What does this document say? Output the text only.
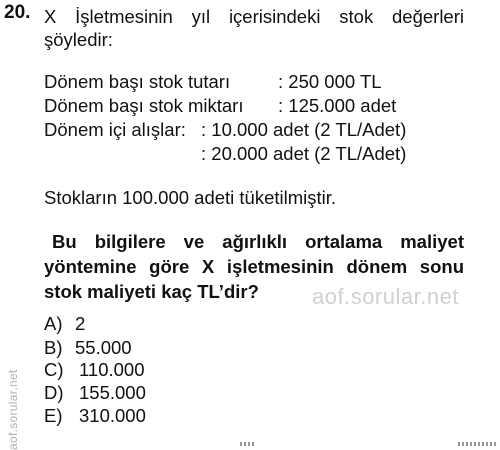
20. X İşletmesinin yıl içerisindeki stok değerleri
şöyledir:
Dönem başı stok tutarı	: 250 000 TL
Dönem başı stok miktarı : 125.000 adet
Dönem içi alışlar: : 10.000 adet (2 TL/Adet)
: 20.000 adet (2 TL/Adet)
Stokların 100.000 adeti tüketilmiştir.
Bu bilgilere ve ağırlıklı ortalama maliyet
yöntemine göre X işletmesinin dönem sonu
stok maliyeti kaç TL’dir?
A) 2
B) 55.000
C) 110.000
D) 155.000
E) 310.000
aof.sorular.net
aof.sorular.net
